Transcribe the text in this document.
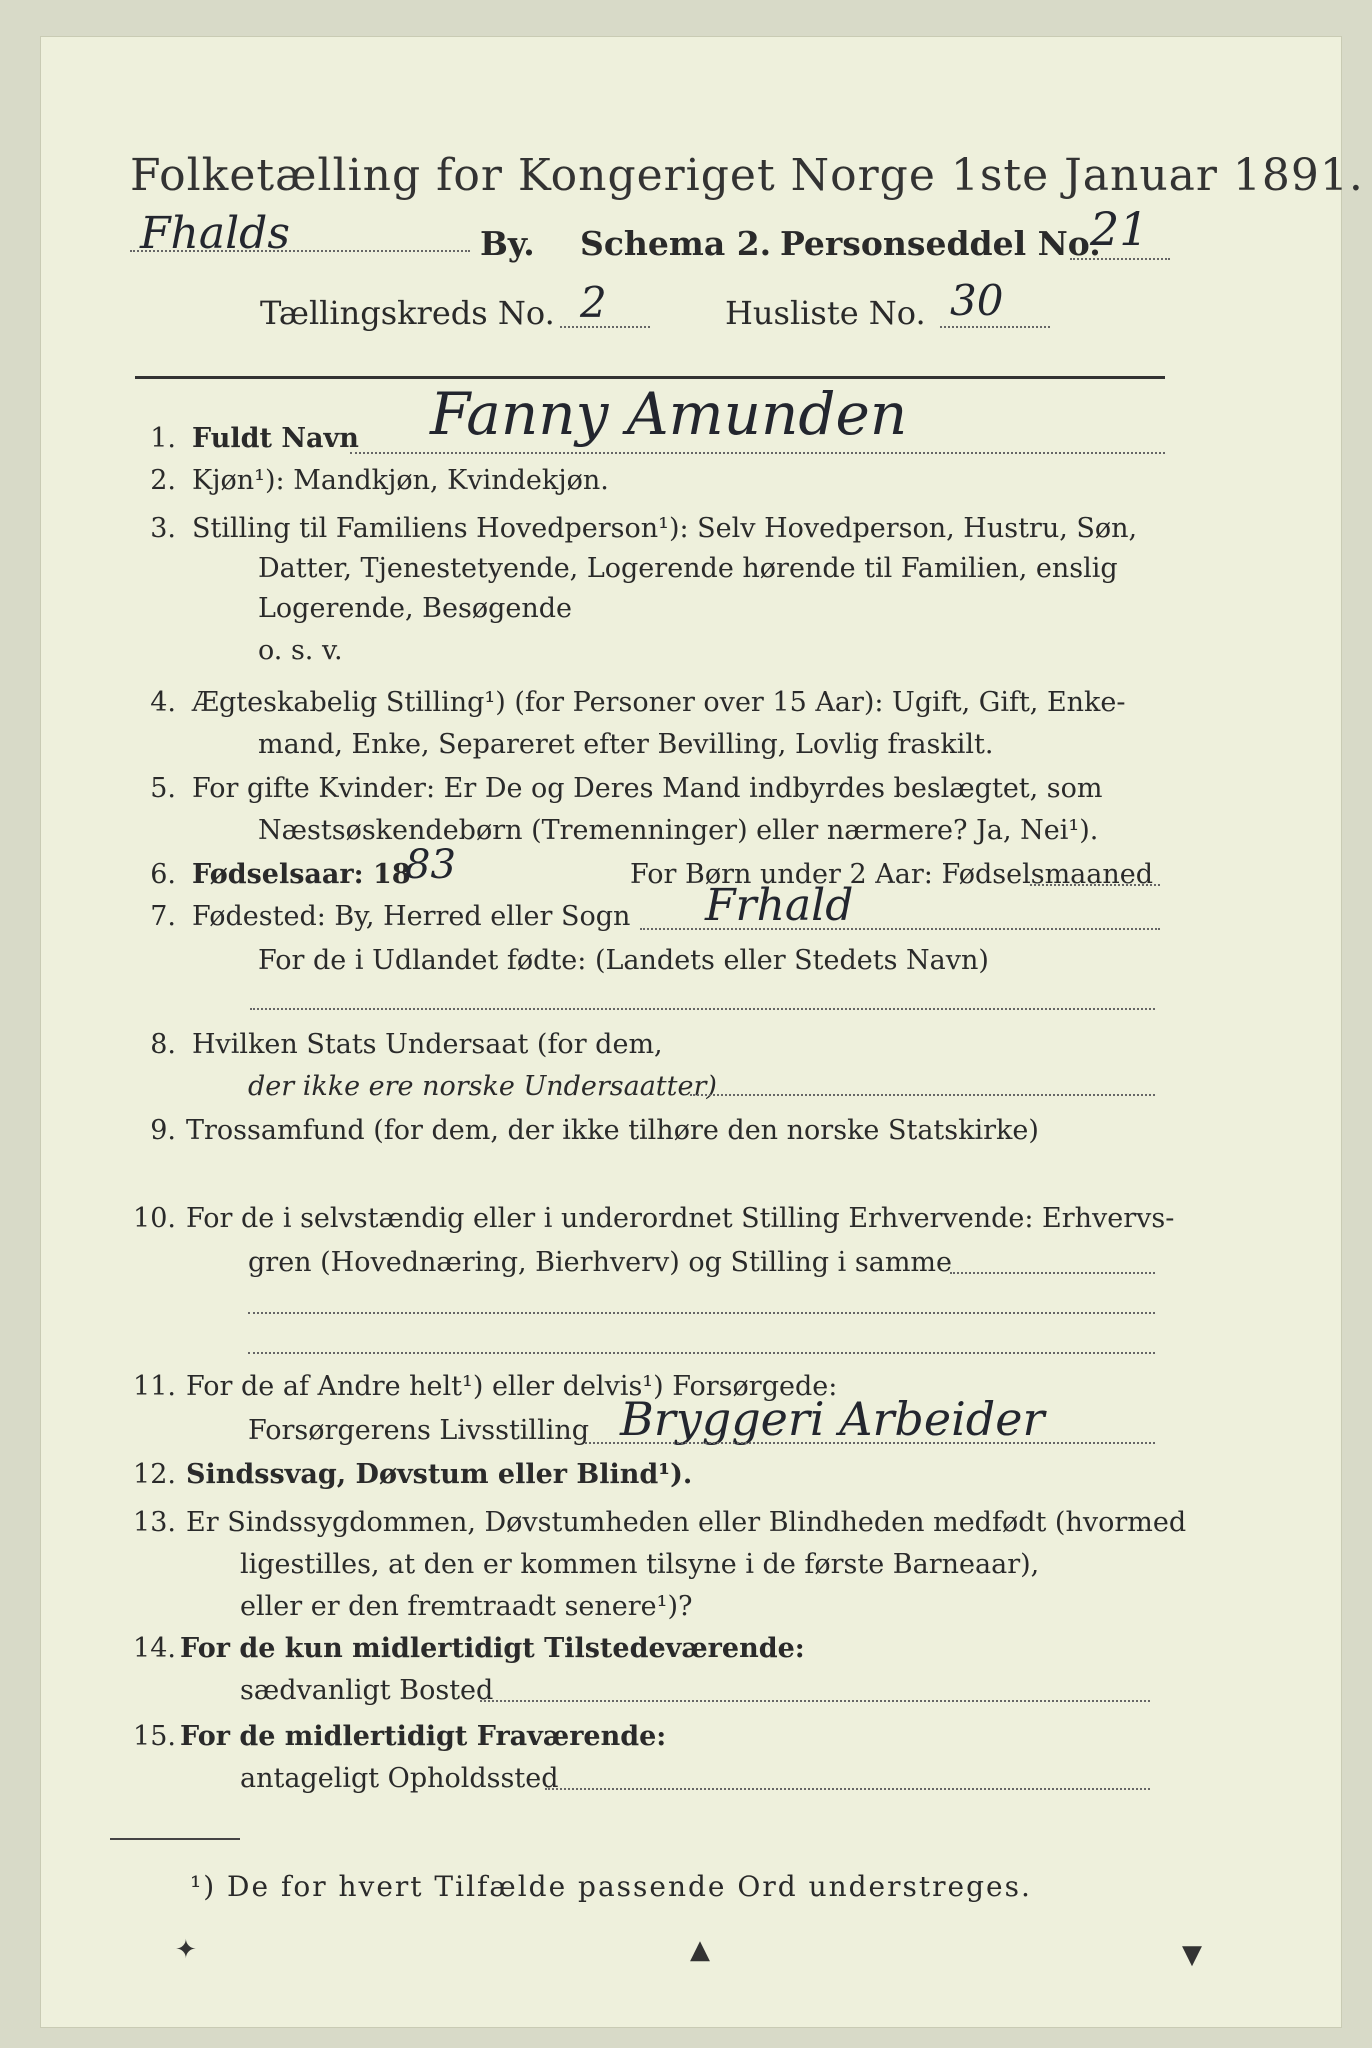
Folketælling for Kongeriget Norge 1ste Januar 1891.
Fhalds	By. Schema 2. Personseddel No.
21
Tællingskreds No. 2	Husliste No. 30
1. Fuldt Navn Fanny Amunden
2. Kjøn¹): Mandkjøn, Kvindekjøn.
3. Stilling til Familiens Hovedperson¹): Selv Hovedperson, Hustru, Søn,
Datter, Tjenestetyende, Logerende hørende til Familien, enslig
Logerende, Besøgende
o. s. v.
4. Ægteskabelig Stilling¹) (for Personer over 15 Aar): Ugift, Gift, Enke-
mand, Enke, Separeret efter Bevilling, Lovlig fraskilt.
5. For gifte Kvinder: Er De og Deres Mand indbyrdes beslægtet, som
Næstsøskendebørn (Tremenninger) eller nærmere? Ja, Nei¹).
6. Fødselsaar: 18	For Børn under 2 Aar: Fødselsmaaned
83
7. Fødested: By, Herred eller Sogn
For de i Udlandet fødte: (Landets eller Stedets Navn)
Frhald
8. Hvilken Stats Undersaat (for dem,
der ikke ere norske Undersaatter)
9. Trossamfund (for dem, der ikke tilhøre den norske Statskirke)
10. For de i selvstændig eller i underordnet Stilling Erhvervende: Erhvervs-
gren (Hovednæring, Bierhverv) og Stilling i samme
11. For de af Andre helt¹) eller delvis¹) Forsørgede:
Forsørgerens Livsstilling Bryggeri Arbeider
12. Sindssvag, Døvstum eller Blind¹).
13. Er Sindssygdommen, Døvstumheden eller Blindheden medfødt (hvormed
ligestilles, at den er kommen tilsyne i de første Barneaar),
eller er den fremtraadt senere¹)?
14. For de kun midlertidigt Tilstedeværende:
sædvanligt Bosted
15. For de midlertidigt Fraværende:
antageligt Opholdssted
¹) De for hvert Tilfælde passende Ord understreges.
✦	▲	▼
